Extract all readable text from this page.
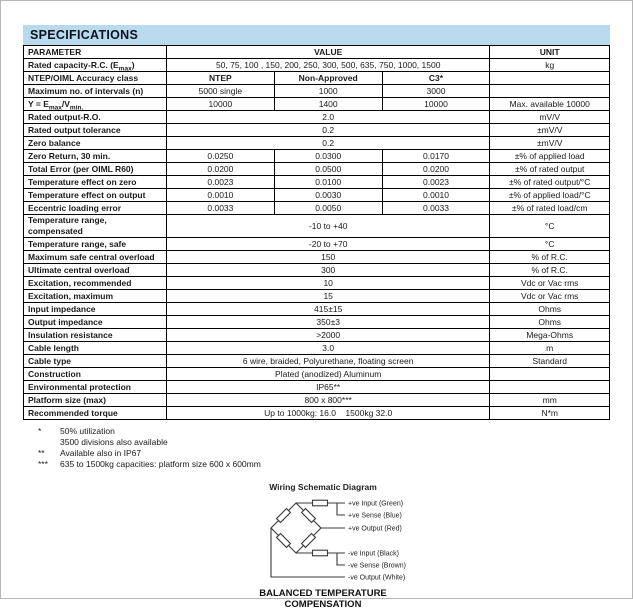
SPECIFICATIONS
PARAMETER	VALUE			UNIT
Rated capacity-R.C. $(E_{max})$	50, 75, 100 , 150, 200, 250, 300, 500, 635, 750, 1000, 1500			kg
NTEP/OIML Accuracy class	NTEP	Non-Approved	C3*	
Maximum no. of intervals (n)	5000 single	1000	3000	
$Y = E_{max}/V_{min.}$	10000	1400	10000	Max. available 10000
Rated output-R.O.	2.0			mV/V
Rated output tolerance	0.2			±mV/V
Zero balance	0.2			±mV/V
Zero Return, 30 min.	0.0250	0.0300	0.0170	±% of applied load
Total Error (per OIML R60)	0.0200	0.0500	0.0200	±% of rated output
Temperature effect on zero	0.0023	0.0100	0.0023	±% of rated output/°C
Temperature effect on output	0.0010	0.0030	0.0010	±% of applied load/°C
Eccentric loading error	0.0033	0.0050	0.0033	±% of rated load/cm
Temperature range, compensated	-10 to +40			°C
Temperature range, safe	-20 to +70			°C
Maximum safe central overload	150			% of R.C.
Ultimate central overload	300			% of R.C.
Excitation, recommended	10			Vdc or Vac rms
Excitation, maximum	15			Vdc or Vac rms
Input impedance	415±15			Ohms
Output impedance	350±3			Ohms
Insulation resistance	>2000			Mega-Ohms
Cable length	3.0			m
Cable type	6 wire, braided, Polyurethane, floating screen			Standard
Construction	Plated (anodized) Aluminum			
Environmental protection	IP65**			
Platform size (max)	800 x 800***			mm
Recommended torque	Up to 1000kg: 16.0    1500kg 32.0			N*m
*	50% utilization
3500 divisions also available
**	Available also in IP67
***	635 to 1500kg capacities: platform size 600 x 600mm
Wiring Schematic Diagram
+ve Input (Green)
+ve Sense (Blue)
+ve Output (Red)
-ve Input (Black)
-ve Sense (Brown)
-ve Output (White)
BALANCED TEMPERATURE
COMPENSATION
